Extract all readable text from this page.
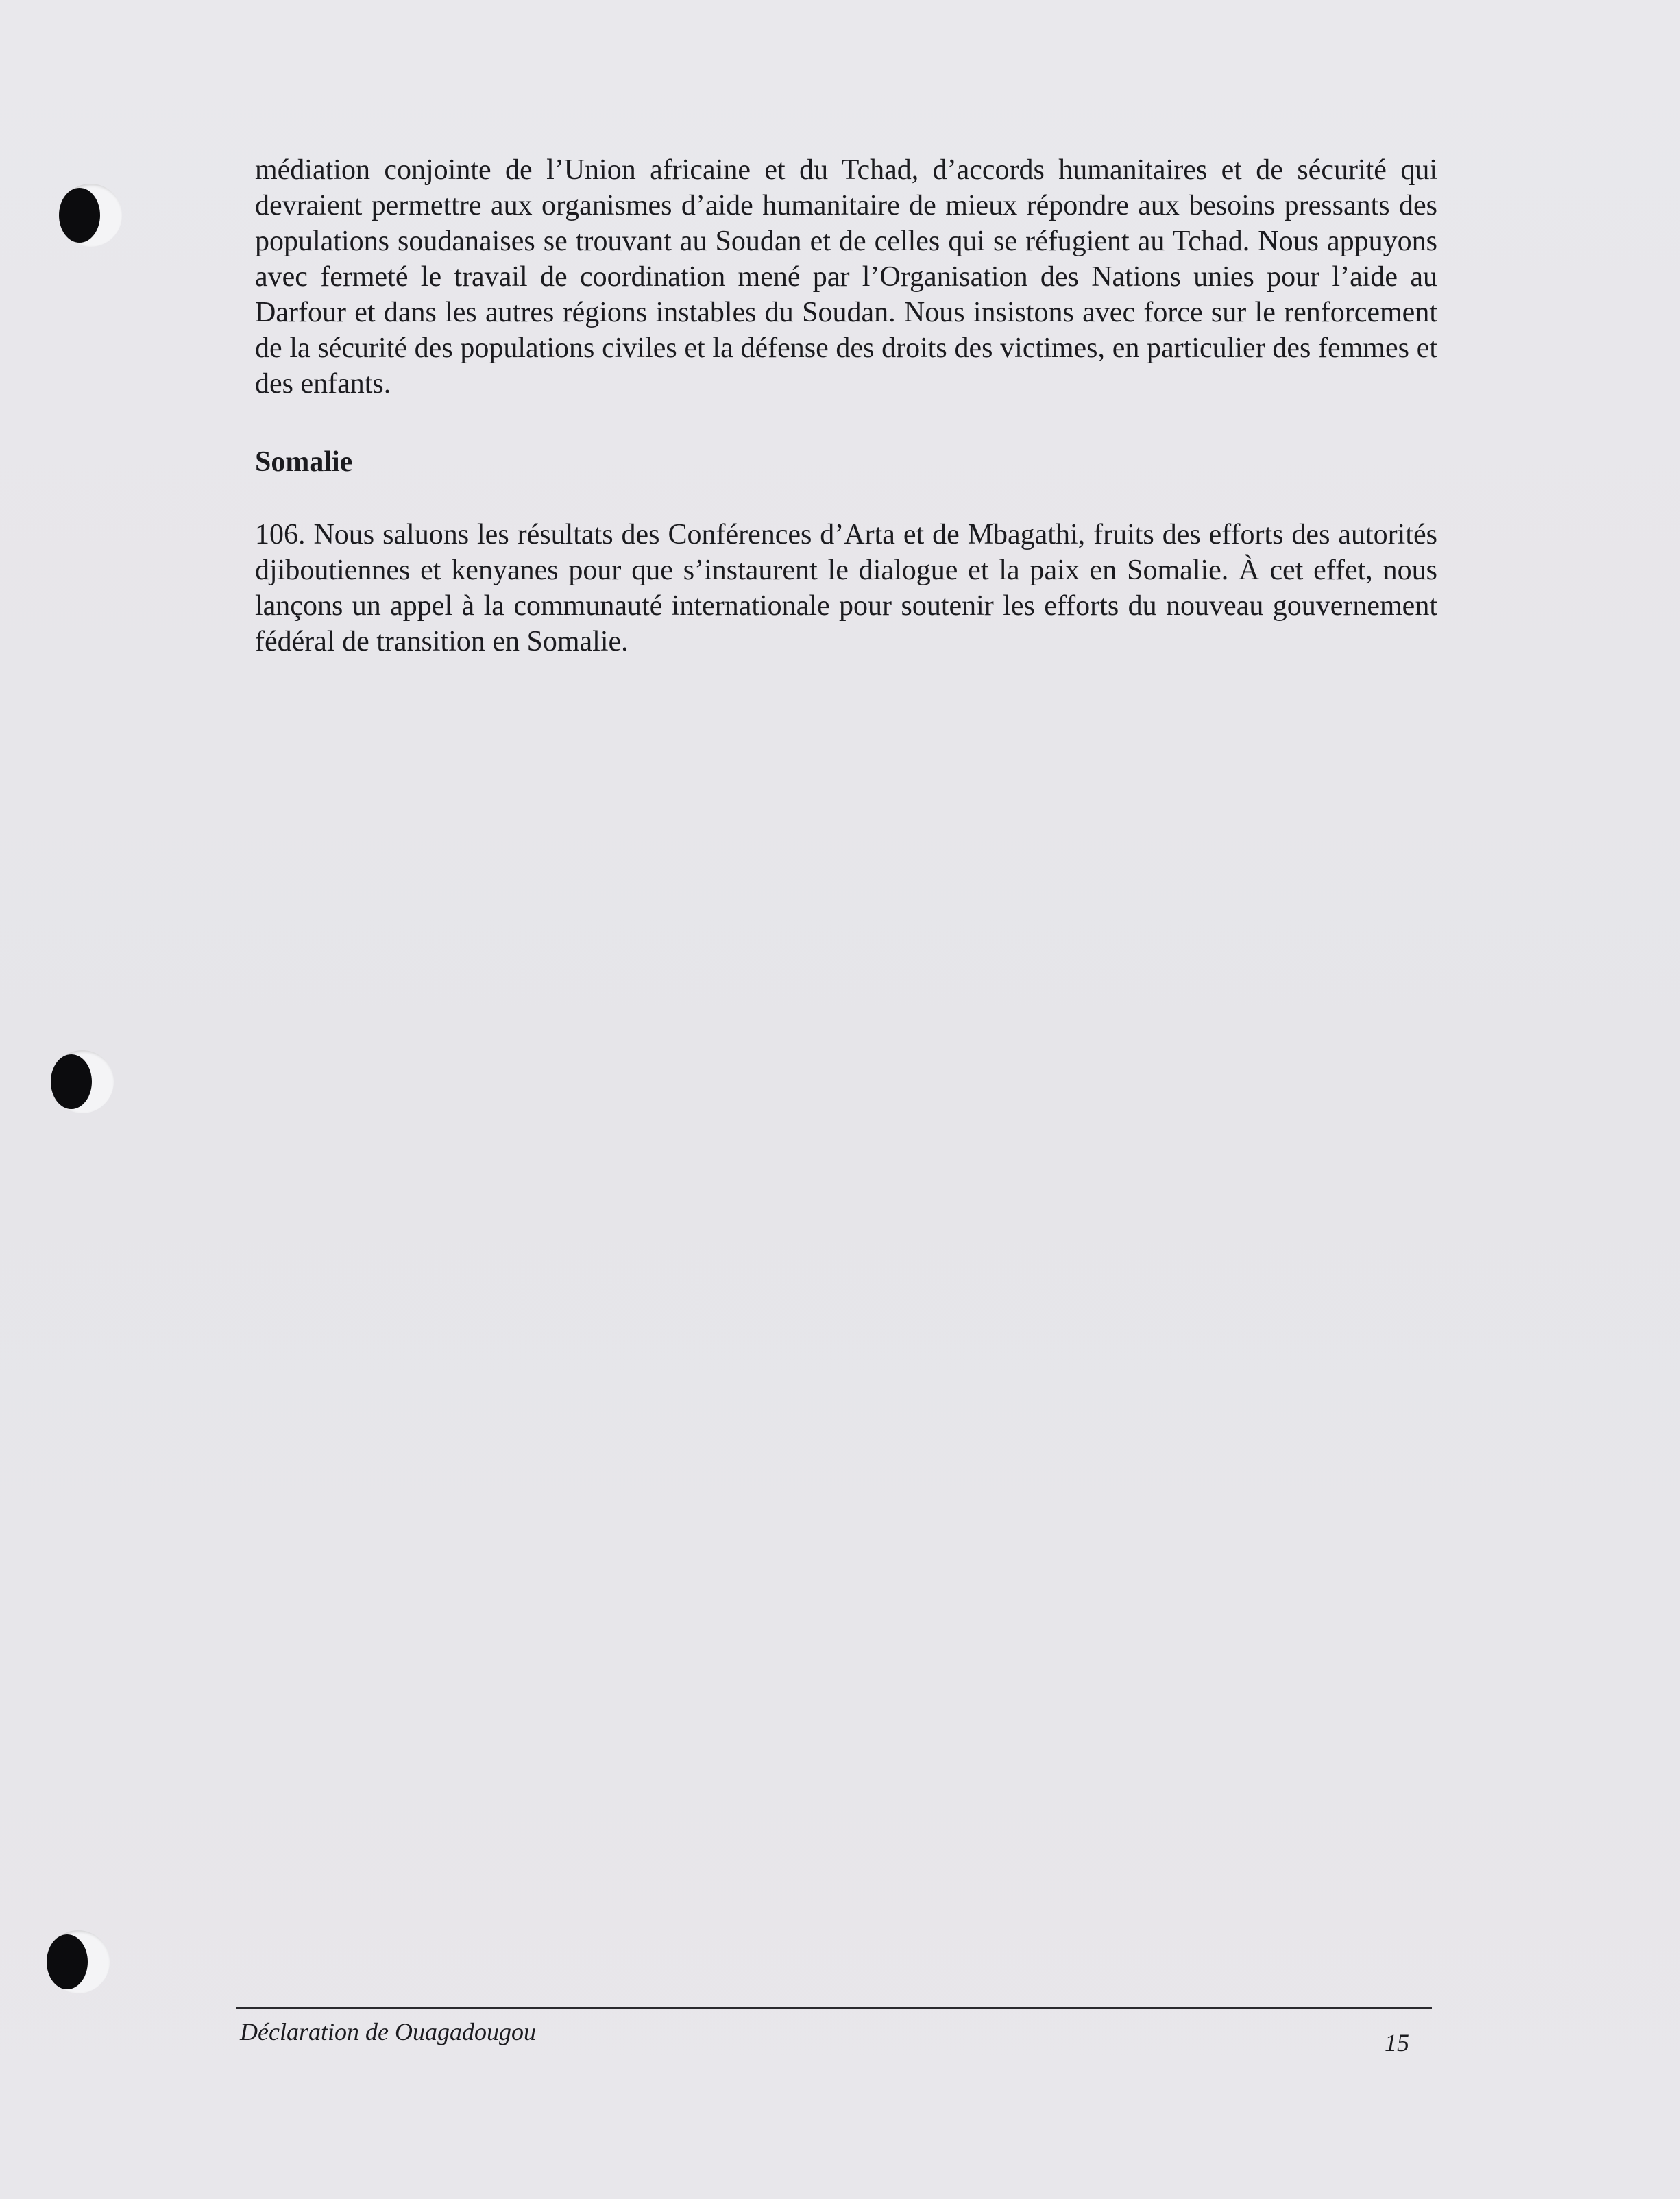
médiation conjointe de l’Union africaine et du Tchad, d’accords humanitaires et de sécurité qui devraient permettre aux organismes d’aide humanitaire de mieux répondre aux besoins pressants des populations soudanaises se trouvant au Soudan et de celles qui se réfugient au Tchad. Nous appuyons avec fermeté le travail de coordination mené par l’Organisation des Nations unies pour l’aide au Darfour et dans les autres régions instables du Soudan. Nous insistons avec force sur le renforcement de la sécurité des populations civiles et la défense des droits des victimes, en particulier des femmes et des enfants.

Somalie

106. Nous saluons les résultats des Conférences d’Arta et de Mbagathi, fruits des efforts des autorités djiboutiennes et kenyanes pour que s’instaurent le dialogue et la paix en Somalie. À cet effet, nous lançons un appel à la communauté internationale pour soutenir les efforts du nouveau gouvernement fédéral de transition en Somalie.

Déclaration de Ouagadougou	15
